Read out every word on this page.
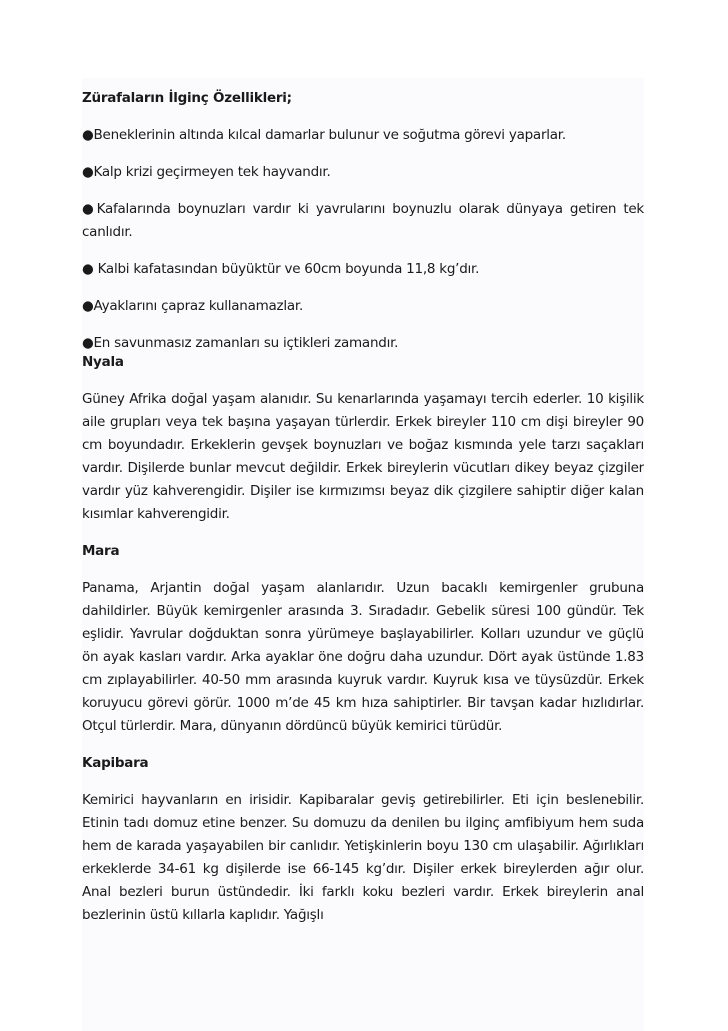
Zürafaların İlginç Özellikleri;

●Beneklerinin altında kılcal damarlar bulunur ve soğutma görevi yaparlar.

●Kalp krizi geçirmeyen tek hayvandır.

●Kafalarında boynuzları vardır ki yavrularını boynuzlu olarak dünyaya getiren tek canlıdır.

● Kalbi kafatasından büyüktür ve 60cm boyunda 11,8 kg’dır.

●Ayaklarını çapraz kullanamazlar.

●En savunmasız zamanları su içtikleri zamandır.

Nyala

Güney Afrika doğal yaşam alanıdır. Su kenarlarında yaşamayı tercih ederler. 10 kişilik aile grupları veya tek başına yaşayan türlerdir. Erkek bireyler 110 cm dişi bireyler 90 cm boyundadır. Erkeklerin gevşek boynuzları ve boğaz kısmında yele tarzı saçakları vardır. Dişilerde bunlar mevcut değildir. Erkek bireylerin vücutları dikey beyaz çizgiler vardır yüz kahverengidir. Dişiler ise kırmızımsı beyaz dik çizgilere sahiptir diğer kalan kısımlar kahverengidir.

Mara

Panama, Arjantin doğal yaşam alanlarıdır. Uzun bacaklı kemirgenler grubuna dahildirler. Büyük kemirgenler arasında 3. Sıradadır. Gebelik süresi 100 gündür. Tek eşlidir. Yavrular doğduktan sonra yürümeye başlayabilirler. Kolları uzundur ve güçlü ön ayak kasları vardır. Arka ayaklar öne doğru daha uzundur. Dört ayak üstünde 1.83 cm zıplayabilirler. 40-50 mm arasında kuyruk vardır. Kuyruk kısa ve tüysüzdür. Erkek koruyucu görevi görür. 1000 m’de 45 km hıza sahiptirler. Bir tavşan kadar hızlıdırlar. Otçul türlerdir. Mara, dünyanın dördüncü büyük kemirici türüdür.

Kapibara

Kemirici hayvanların en irisidir. Kapibaralar geviş getirebilirler. Eti için beslenebilir. Etinin tadı domuz etine benzer. Su domuzu da denilen bu ilginç amfibiyum hem suda hem de karada yaşayabilen bir canlıdır. Yetişkinlerin boyu 130 cm ulaşabilir. Ağırlıkları erkeklerde 34-61 kg dişilerde ise 66-145 kg’dır. Dişiler erkek bireylerden ağır olur. Anal bezleri burun üstündedir. İki farklı koku bezleri vardır. Erkek bireylerin anal bezlerinin üstü kıllarla kaplıdır. Yağışlı
